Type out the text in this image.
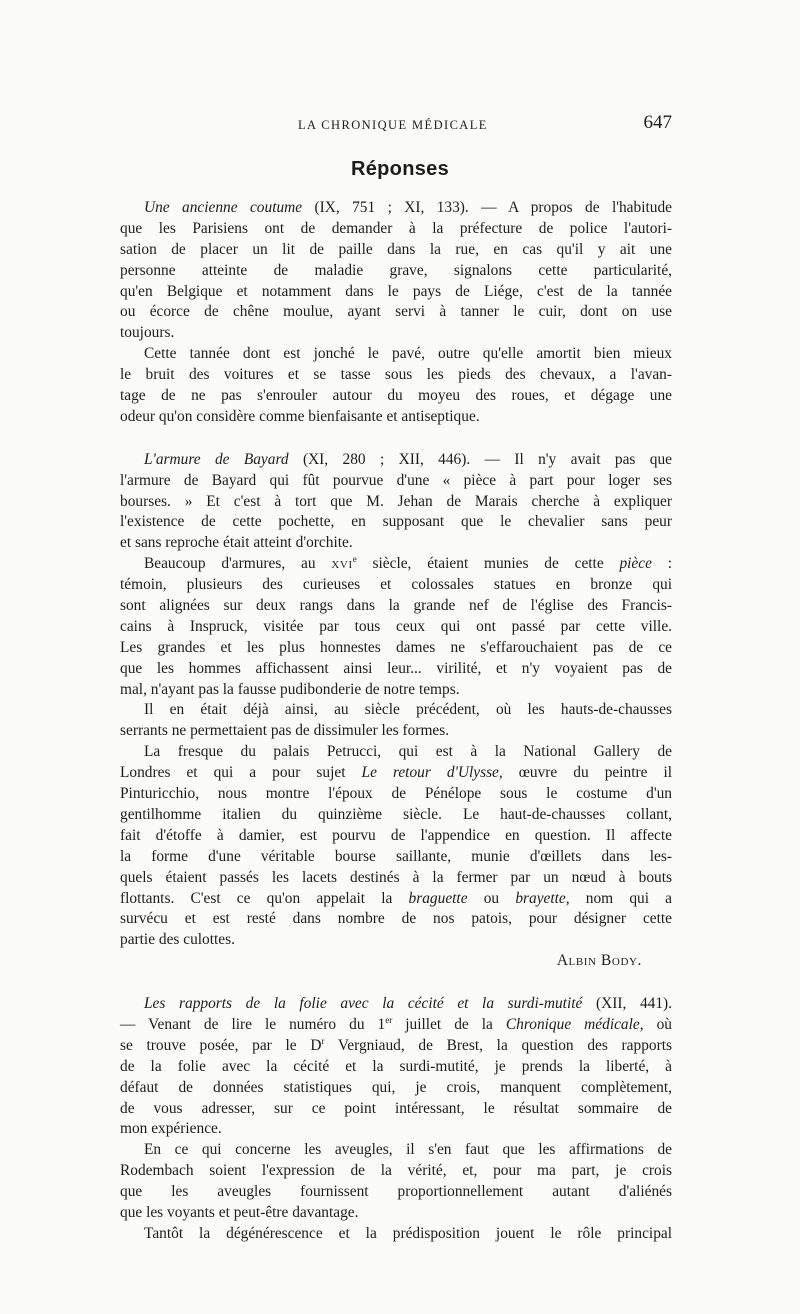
LA CHRONIQUE MÉDICALE	647
Réponses
Une ancienne coutume (IX, 751 ; XI, 133). — A propos de l'habitude
que les Parisiens ont de demander à la préfecture de police l'autori-
sation de placer un lit de paille dans la rue, en cas qu'il y ait une
personne atteinte de maladie grave, signalons cette particularité,
qu'en Belgique et notamment dans le pays de Liége, c'est de la tannée
ou écorce de chêne moulue, ayant servi à tanner le cuir, dont on use
toujours.
Cette tannée dont est jonché le pavé, outre qu'elle amortit bien mieux
le bruit des voitures et se tasse sous les pieds des chevaux, a l'avan-
tage de ne pas s'enrouler autour du moyeu des roues, et dégage une
odeur qu'on considère comme bienfaisante et antiseptique.
L'armure de Bayard (XI, 280 ; XII, 446). — Il n'y avait pas que
l'armure de Bayard qui fût pourvue d'une « pièce à part pour loger ses
bourses. » Et c'est à tort que M. Jehan de Marais cherche à expliquer
l'existence de cette pochette, en supposant que le chevalier sans peur
et sans reproche était atteint d'orchite.
Beaucoup d'armures, au xvi$^e$ siècle, étaient munies de cette pièce :
témoin, plusieurs des curieuses et colossales statues en bronze qui
sont alignées sur deux rangs dans la grande nef de l'église des Francis-
cains à Inspruck, visitée par tous ceux qui ont passé par cette ville.
Les grandes et les plus honnestes dames ne s'effarouchaient pas de ce
que les hommes affichassent ainsi leur... virilité, et n'y voyaient pas de
mal, n'ayant pas la fausse pudibonderie de notre temps.
Il en était déjà ainsi, au siècle précédent, où les hauts-de-chausses
serrants ne permettaient pas de dissimuler les formes.
La fresque du palais Petrucci, qui est à la National Gallery de
Londres et qui a pour sujet Le retour d'Ulysse, œuvre du peintre il
Pinturicchio, nous montre l'époux de Pénélope sous le costume d'un
gentilhomme italien du quinzième siècle. Le haut-de-chausses collant,
fait d'étoffe à damier, est pourvu de l'appendice en question. Il affecte
la forme d'une véritable bourse saillante, munie d'œillets dans les-
quels étaient passés les lacets destinés à la fermer par un nœud à bouts
flottants. C'est ce qu'on appelait la braguette ou brayette, nom qui a
survécu et est resté dans nombre de nos patois, pour désigner cette
partie des culottes.
Albin Body.
Les rapports de la folie avec la cécité et la surdi-mutité (XII, 441).
— Venant de lire le numéro du 1er juillet de la Chronique médicale, où
se trouve posée, par le $D^r$ Vergniaud, de Brest, la question des rapports
de la folie avec la cécité et la surdi-mutité, je prends la liberté, à
défaut de données statistiques qui, je crois, manquent complètement,
de vous adresser, sur ce point intéressant, le résultat sommaire de
mon expérience.
En ce qui concerne les aveugles, il s'en faut que les affirmations de
Rodembach soient l'expression de la vérité, et, pour ma part, je crois
que les aveugles fournissent proportionnellement autant d'aliénés
que les voyants et peut-être davantage.
Tantôt la dégénérescence et la prédisposition jouent le rôle principal
